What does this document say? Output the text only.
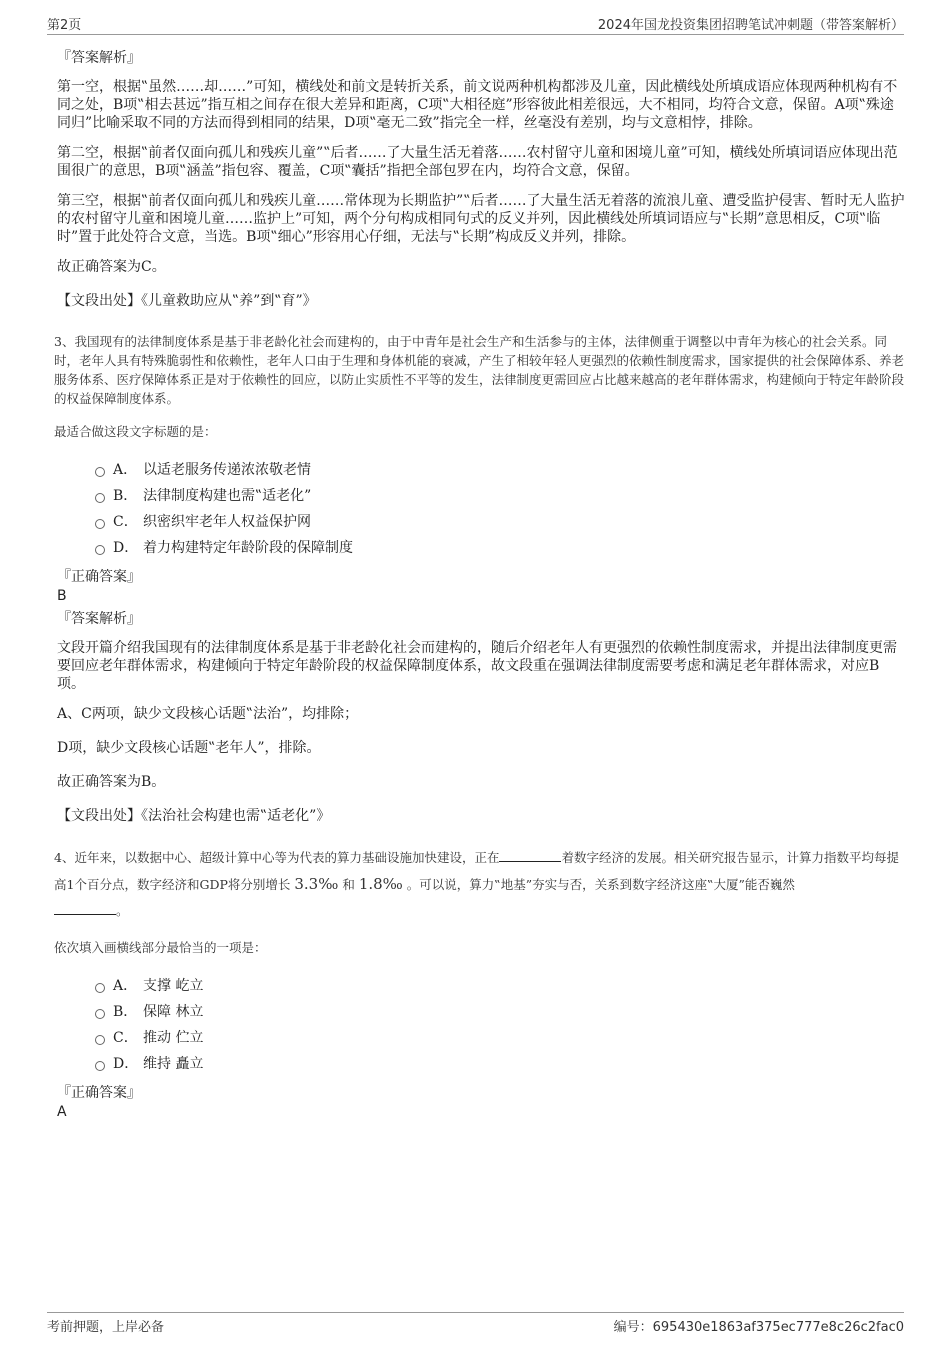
第2页	2024年国龙投资集团招聘笔试冲刺题（带答案解析）
『答案解析』

第一空，根据‟虽然……却……”可知，横线处和前文是转折关系，前文说两种机构都涉及儿童，因此横线处所填成语应体现两种机构有不同之处，B项‟相去甚远”指互相之间存在很大差异和距离，C项‟大相径庭”形容彼此相差很远，大不相同，均符合文意，保留。A项‟殊途同归”比喻采取不同的方法而得到相同的结果，D项‟毫无二致”指完全一样，丝毫没有差别，均与文意相悖，排除。

第二空，根据‟前者仅面向孤儿和残疾儿童”‟后者……了大量生活无着落……农村留守儿童和困境儿童”可知，横线处所填词语应体现出范围很广的意思，B项‟涵盖”指包容、覆盖，C项‟囊括”指把全部包罗在内，均符合文意，保留。

第三空，根据‟前者仅面向孤儿和残疾儿童……常体现为长期监护”‟后者……了大量生活无着落的流浪儿童、遭受监护侵害、暂时无人监护的农村留守儿童和困境儿童……监护上”可知，两个分句构成相同句式的反义并列，因此横线处所填词语应与‟长期”意思相反，C项‟临时”置于此处符合文意，当选。B项‟细心”形容用心仔细，无法与‟长期”构成反义并列，排除。

故正确答案为C。

【文段出处】《儿童救助应从‟养”到‟育”》

3、我国现有的法律制度体系是基于非老龄化社会而建构的，由于中青年是社会生产和生活参与的主体，法律侧重于调整以中青年为核心的社会关系。同时，老年人具有特殊脆弱性和依赖性，老年人口由于生理和身体机能的衰减，产生了相较年轻人更强烈的依赖性制度需求，国家提供的社会保障体系、养老服务体系、医疗保障体系正是对于依赖性的回应，以防止实质性不平等的发生，法律制度更需回应占比越来越高的老年群体需求，构建倾向于特定年龄阶段的权益保障制度体系。
最适合做这段文字标题的是：
A． 以适老服务传递浓浓敬老情
B． 法律制度构建也需‟适老化”
C． 织密织牢老年人权益保护网
D． 着力构建特定年龄阶段的保障制度
『正确答案』
B
『答案解析』

文段开篇介绍我国现有的法律制度体系是基于非老龄化社会而建构的，随后介绍老年人有更强烈的依赖性制度需求，并提出法律制度更需要回应老年群体需求，构建倾向于特定年龄阶段的权益保障制度体系，故文段重在强调法律制度需要考虑和满足老年群体需求，对应B项。

A、C两项，缺少文段核心话题‟法治”，均排除；

D项，缺少文段核心话题‟老年人”，排除。

故正确答案为B。

【文段出处】《法治社会构建也需‟适老化”》

4、近年来，以数据中心、超级计算中心等为代表的算力基础设施加快建设，正在	着数字经济的发展。相关研究报告显示，计算力指数平均每提高1个百分点，数字经济和GDP将分别增长 3.3‰ 和 1.8‰ 。可以说，算力‟地基”夯实与否，关系到数字经济这座‟大厦”能否巍然
。
依次填入画横线部分最恰当的一项是：
A． 支撑 屹立
B． 保障 林立
C． 推动 伫立
D． 维持 矗立
『正确答案』
A
考前押题，上岸必备	编号：695430e1863af375ec777e8c26c2fac0
